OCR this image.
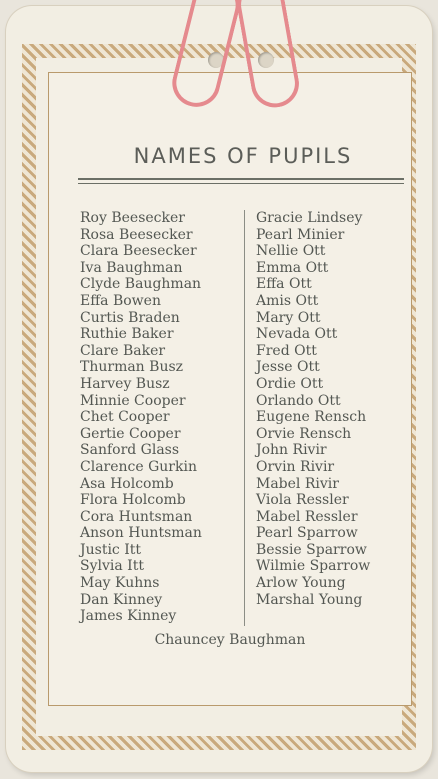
NAMES OF PUPILS
Roy Beesecker
Rosa Beesecker
Clara Beesecker
Iva Baughman
Clyde Baughman
Effa Bowen
Curtis Braden
Ruthie Baker
Clare Baker
Thurman Busz
Harvey Busz
Minnie Cooper
Chet Cooper
Gertie Cooper
Sanford Glass
Clarence Gurkin
Asa Holcomb
Flora Holcomb
Cora Huntsman
Anson Huntsman
Justic Itt
Sylvia Itt
May Kuhns
Dan Kinney
James Kinney
Gracie Lindsey
Pearl Minier
Nellie Ott
Emma Ott
Effa Ott
Amis Ott
Mary Ott
Nevada Ott
Fred Ott
Jesse Ott
Ordie Ott
Orlando Ott
Eugene Rensch
Orvie Rensch
John Rivir
Orvin Rivir
Mabel Rivir
Viola Ressler
Mabel Ressler
Pearl Sparrow
Bessie Sparrow
Wilmie Sparrow
Arlow Young
Marshal Young
Chauncey Baughman
